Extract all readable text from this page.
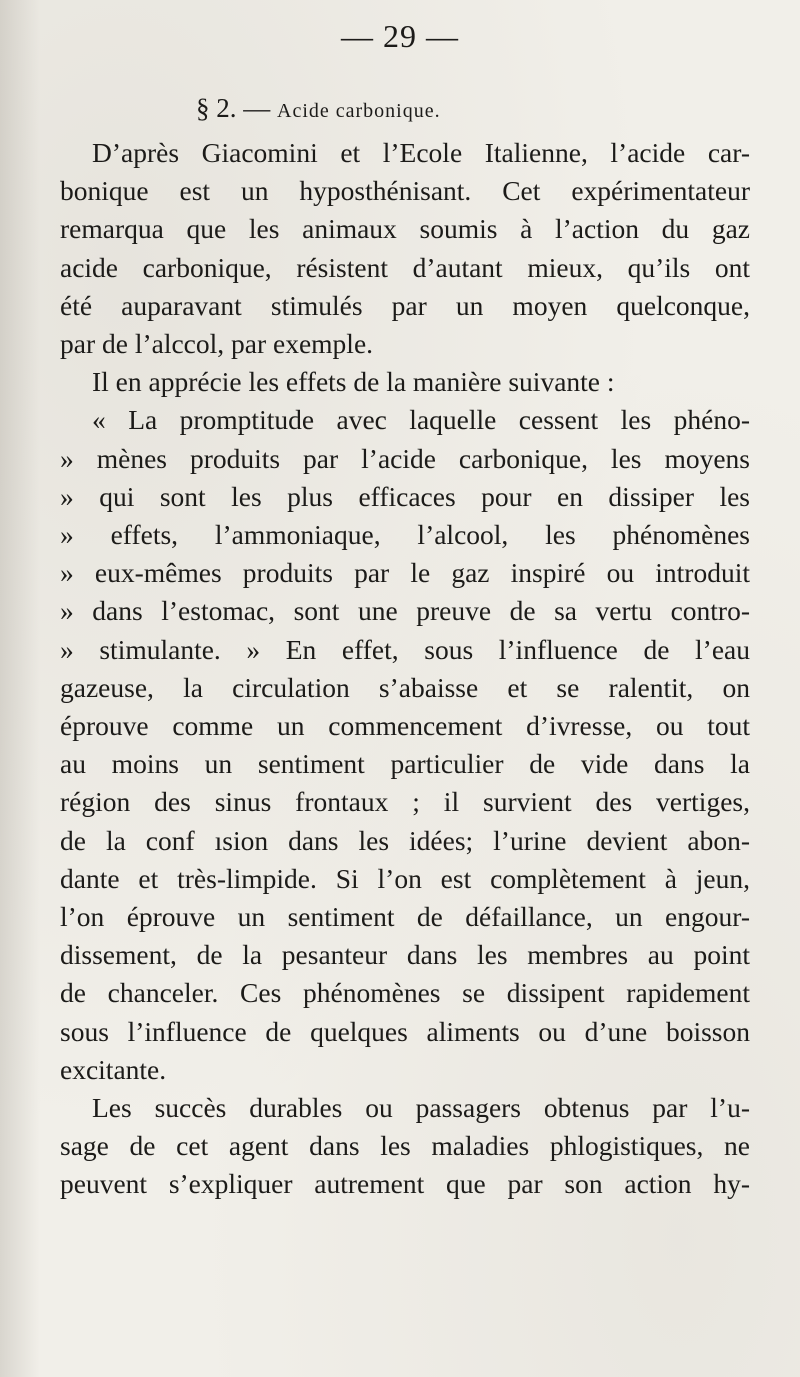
— 29 —
§ 2. — Acide carbonique.
D’après Giacomini et l’Ecole Italienne, l’acide car-
bonique est un hyposthénisant. Cet expérimentateur
remarqua que les animaux soumis à l’action du gaz
acide carbonique, résistent d’autant mieux, qu’ils ont
été auparavant stimulés par un moyen quelconque,
par de l’alccol, par exemple.
Il en apprécie les effets de la manière suivante :
« La promptitude avec laquelle cessent les phéno-
» mènes produits par l’acide carbonique, les moyens
» qui sont les plus efficaces pour en dissiper les
» effets, l’ammoniaque, l’alcool, les phénomènes
» eux-mêmes produits par le gaz inspiré ou introduit
» dans l’estomac, sont une preuve de sa vertu contro-
» stimulante. » En effet, sous l’influence de l’eau
gazeuse, la circulation s’abaisse et se ralentit, on
éprouve comme un commencement d’ivresse, ou tout
au moins un sentiment particulier de vide dans la
région des sinus frontaux ; il survient des vertiges,
de la conf ısion dans les idées; l’urine devient abon-
dante et très-limpide. Si l’on est complètement à jeun,
l’on éprouve un sentiment de défaillance, un engour-
dissement, de la pesanteur dans les membres au point
de chanceler. Ces phénomènes se dissipent rapidement
sous l’influence de quelques aliments ou d’une boisson
excitante.
Les succès durables ou passagers obtenus par l’u-
sage de cet agent dans les maladies phlogistiques, ne
peuvent s’expliquer autrement que par son action hy-
